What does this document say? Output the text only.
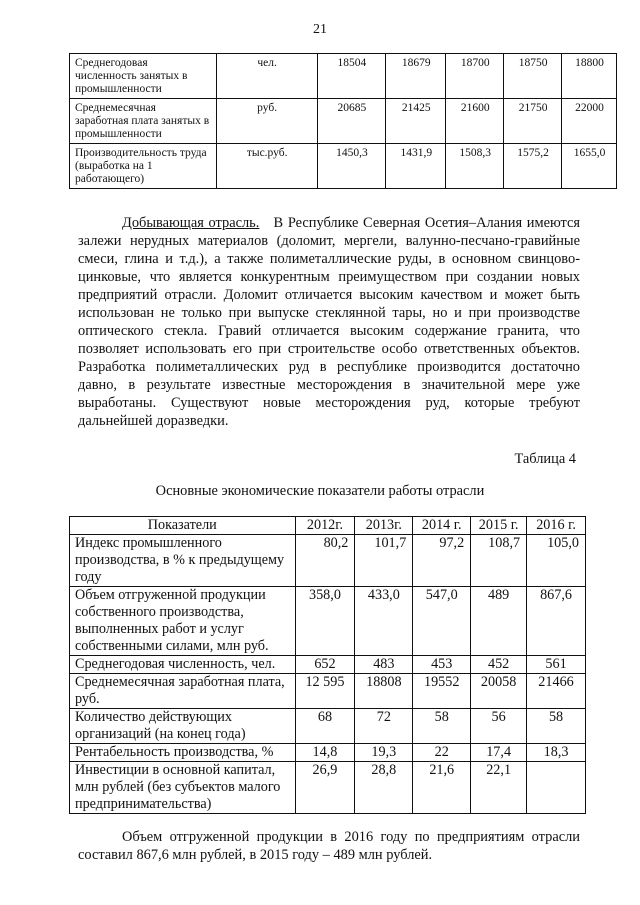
21
Среднегодовая численность занятых в промышленности	чел.	18504	18679	18700	18750	18800
Среднемесячная заработная плата занятых в промышленности	руб.	20685	21425	21600	21750	22000
Производительность труда (выработка на 1 работающего)	тыс.руб.	1450,3	1431,9	1508,3	1575,2	1655,0

Добывающая отрасль. В Республике Северная Осетия–Алания имеются залежи нерудных материалов (доломит, мергели, валунно-песчано-гравийные смеси, глина и т.д.), а также полиметаллические руды, в основном свинцово-цинковые, что является конкурентным преимуществом при создании новых предприятий отрасли. Доломит отличается высоким качеством и может быть использован не только при выпуске стеклянной тары, но и при производстве оптического стекла. Гравий отличается высоким содержание гранита, что позволяет использовать его при строительстве особо ответственных объектов. Разработка полиметаллических руд в республике производится достаточно давно, в результате известные месторождения в значительной мере уже выработаны. Существуют новые месторождения руд, которые требуют дальнейшей доразведки.

Таблица 4
Основные экономические показатели работы отрасли
Показатели	2012г.	2013г.	2014 г.	2015 г.	2016 г.
Индекс промышленного производства, в % к предыдущему году	80,2	101,7	97,2	108,7	105,0
Объем отгруженной продукции собственного производства, выполненных работ и услуг собственными силами, млн руб.	358,0	433,0	547,0	489	867,6
Среднегодовая численность, чел.	652	483	453	452	561
Среднемесячная заработная плата, руб.	12 595	18808	19552	20058	21466
Количество действующих организаций (на конец года)	68	72	58	56	58
Рентабельность производства, %	14,8	19,3	22	17,4	18,3
Инвестиции в основной капитал, млн рублей (без субъектов малого предпринимательства)	26,9	28,8	21,6	22,1	

Объем отгруженной продукции в 2016 году по предприятиям отрасли составил 867,6 млн рублей, в 2015 году – 489 млн рублей.
